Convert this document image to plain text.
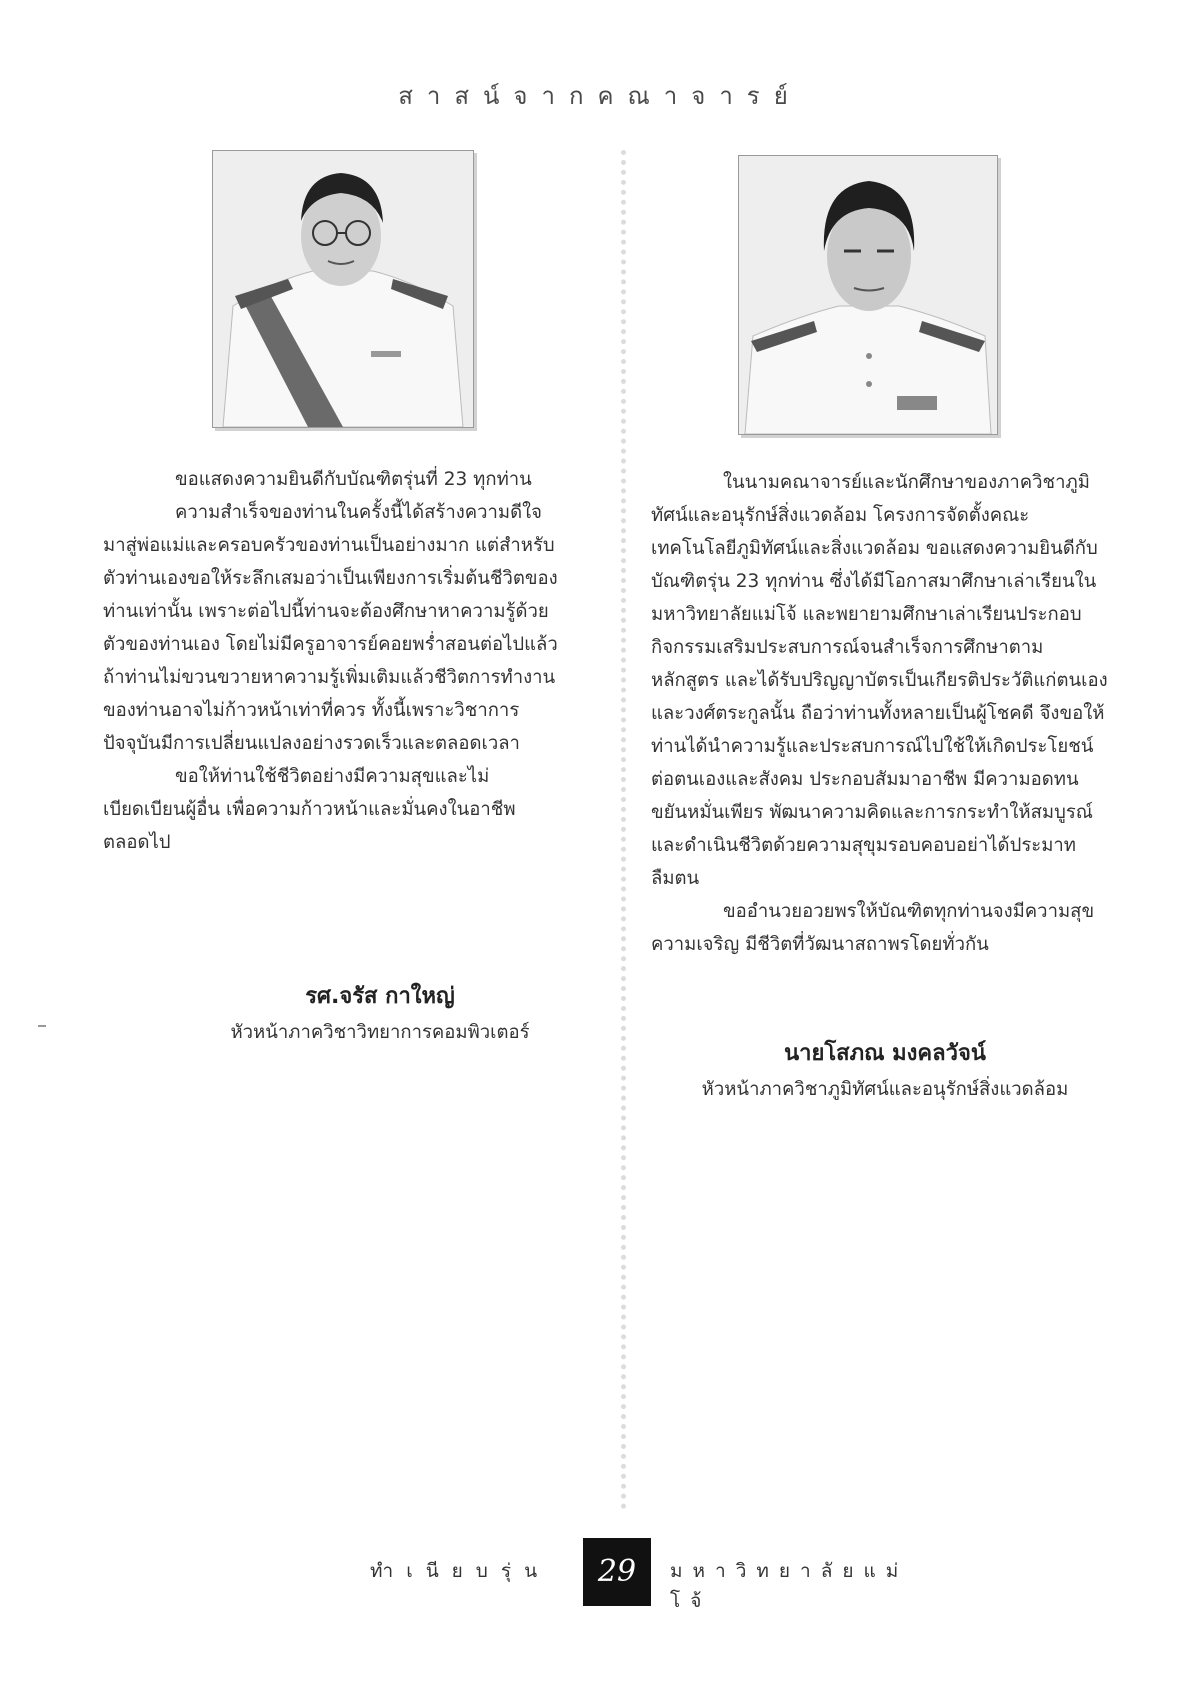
สาสน์จากคณาจารย์

ขอแสดงความยินดีกับบัณฑิตรุ่นที่ 23 ทุกท่าน

ความสำเร็จของท่านในครั้งนี้ได้สร้างความดีใจมาสู่พ่อแม่และครอบครัวของท่านเป็นอย่างมาก แต่สำหรับตัวท่านเองขอให้ระลึกเสมอว่าเป็นเพียงการเริ่มต้นชีวิตของท่านเท่านั้น เพราะต่อไปนี้ท่านจะต้องศึกษาหาความรู้ด้วยตัวของท่านเอง โดยไม่มีครูอาจารย์คอยพร่ำสอนต่อไปแล้ว ถ้าท่านไม่ขวนขวายหาความรู้เพิ่มเติมแล้วชีวิตการทำงานของท่านอาจไม่ก้าวหน้าเท่าที่ควร ทั้งนี้เพราะวิชาการปัจจุบันมีการเปลี่ยนแปลงอย่างรวดเร็วและตลอดเวลา

ขอให้ท่านใช้ชีวิตอย่างมีความสุขและไม่เบียดเบียนผู้อื่น เพื่อความก้าวหน้าและมั่นคงในอาชีพตลอดไป

รศ.จรัส กาใหญ่
หัวหน้าภาควิชาวิทยาการคอมพิวเตอร์

ในนามคณาจารย์และนักศึกษาของภาควิชาภูมิทัศน์และอนุรักษ์สิ่งแวดล้อม โครงการจัดตั้งคณะเทคโนโลยีภูมิทัศน์และสิ่งแวดล้อม ขอแสดงความยินดีกับบัณฑิตรุ่น 23 ทุกท่าน ซึ่งได้มีโอกาสมาศึกษาเล่าเรียนในมหาวิทยาลัยแม่โจ้ และพยายามศึกษาเล่าเรียนประกอบกิจกรรมเสริมประสบการณ์จนสำเร็จการศึกษาตามหลักสูตร และได้รับปริญญาบัตรเป็นเกียรติประวัติแก่ตนเองและวงศ์ตระกูลนั้น ถือว่าท่านทั้งหลายเป็นผู้โชคดี จึงขอให้ท่านได้นำความรู้และประสบการณ์ไปใช้ให้เกิดประโยชน์ต่อตนเองและสังคม ประกอบสัมมาอาชีพ มีความอดทน ขยันหมั่นเพียร พัฒนาความคิดและการกระทำให้สมบูรณ์ และดำเนินชีวิตด้วยความสุขุมรอบคอบอย่าได้ประมาทลืมตน

ขออำนวยอวยพรให้บัณฑิตทุกท่านจงมีความสุขความเจริญ มีชีวิตที่วัฒนาสถาพรโดยทั่วกัน

นายโสภณ มงคลวัจน์
หัวหน้าภาควิชาภูมิทัศน์และอนุรักษ์สิ่งแวดล้อม
ทำเนียบรุ่น	29	มหาวิทยาลัยแม่โจ้
